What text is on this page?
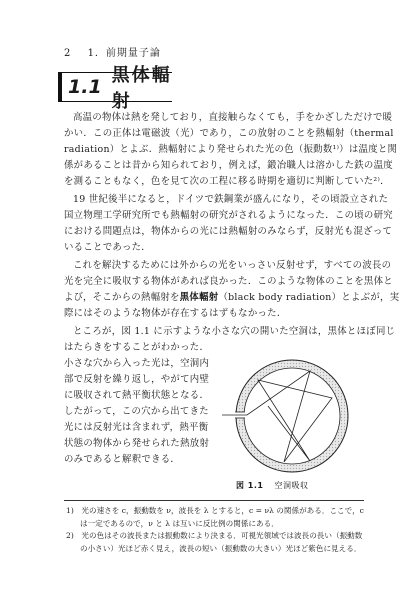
2 1．前期量子論
1.1
黒体輻射
高温の物体は熱を発しており，直接触らなくても，手をかざしただけで暖
かい．この正体は電磁波（光）であり，この放射のことを熱輻射（thermal
radiation）とよぶ．熱輻射により発せられた光の色（振動数¹⁾）は温度と関
係があることは昔から知られており，例えば，鍛冶職人は溶かした鉄の温度
を測ることもなく，色を見て次の工程に移る時期を適切に判断していた²⁾．
19 世紀後半になると，ドイツで鉄鋼業が盛んになり，その頃設立された
国立物理工学研究所でも熱輻射の研究がされるようになった．この頃の研究
における問題点は，物体からの光には熱輻射のみならず，反射光も混ざって
いることであった．
これを解決するためには外からの光をいっさい反射せず，すべての波長の
光を完全に吸収する物体があれば良かった．このような物体のことを黒体と
よび，そこからの熱輻射を黒体輻射（black body radiation）とよぶが，実
際にはそのような物体が存在するはずもなかった．
ところが，図 1.1 に示すような小さな穴の開いた空洞は，黒体とほぼ同じ
はたらきをすることがわかった．
小さな穴から入った光は，空洞内
部で反射を繰り返し，やがて内壁
に吸収されて熱平衡状態となる．
したがって，この穴から出てきた
光には反射光は含まれず，熱平衡
状態の物体から発せられた熱放射
のみであると解釈できる．
図 1.1 空洞吸収
1)　光の速さを c，振動数を ν，波長を λ とすると，c = νλ の関係がある．ここで，c
は一定であるので，ν と λ は互いに反比例の関係にある．
2)　光の色はその波長または振動数により決まる．可視光領域では波長の長い（振動数
の小さい）光ほど赤く見え，波長の短い（振動数の大きい）光ほど紫色に見える．
